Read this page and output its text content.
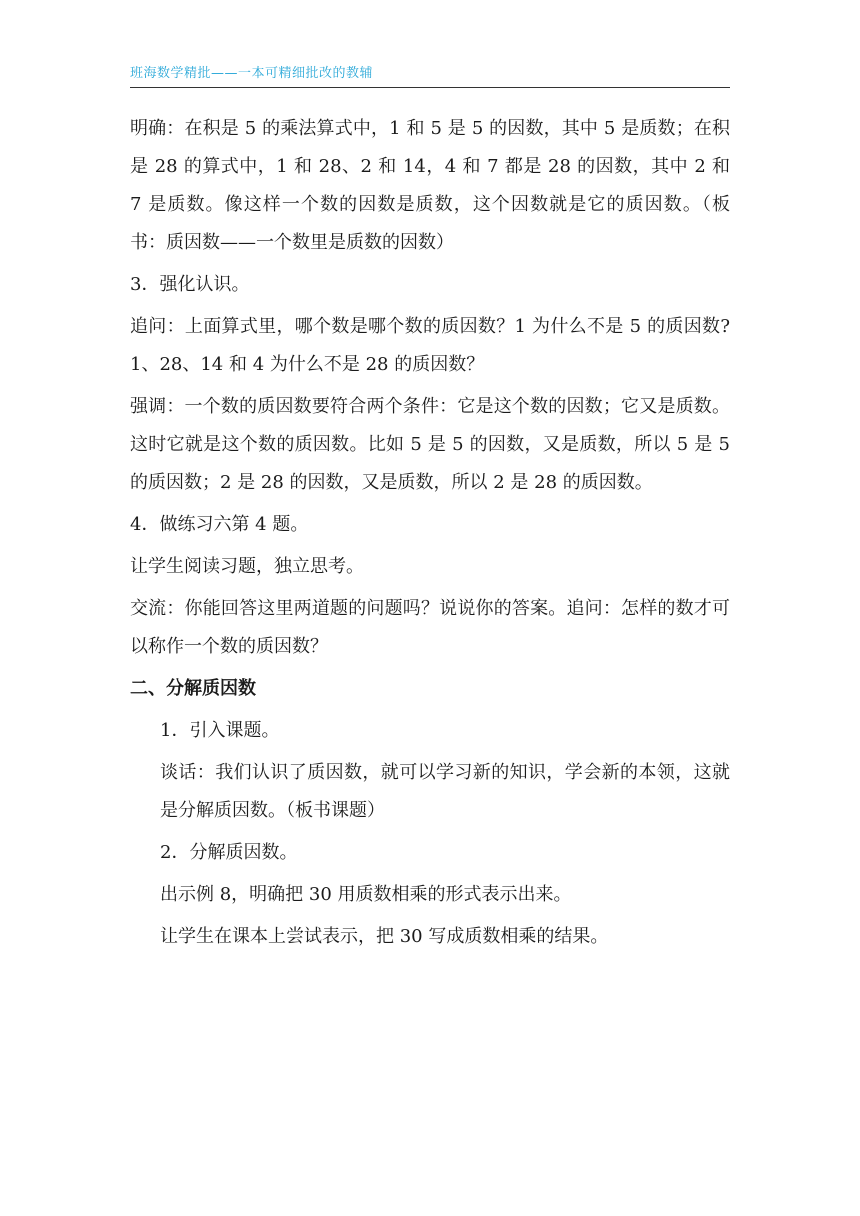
班海数学精批——一本可精细批改的教辅

明确：在积是 5 的乘法算式中，1 和 5 是 5 的因数，其中 5 是质数；在积是 28 的算式中，1 和 28、2 和 14，4 和 7 都是 28 的因数，其中 2 和 7 是质数。像这样一个数的因数是质数，这个因数就是它的质因数。（板书：质因数——一个数里是质数的因数）

3．强化认识。

追问：上面算式里，哪个数是哪个数的质因数？1 为什么不是 5 的质因数?1、28、14 和 4 为什么不是 28 的质因数？

强调：一个数的质因数要符合两个条件：它是这个数的因数；它又是质数。这时它就是这个数的质因数。比如 5 是 5 的因数，又是质数，所以 5 是 5 的质因数；2 是 28 的因数，又是质数，所以 2 是 28 的质因数。

4．做练习六第 4 题。

让学生阅读习题，独立思考。

交流：你能回答这里两道题的问题吗？说说你的答案。追问：怎样的数才可以称作一个数的质因数？

二、分解质因数

1．引入课题。

谈话：我们认识了质因数，就可以学习新的知识，学会新的本领，这就是分解质因数。（板书课题）

2．分解质因数。

出示例 8，明确把 30 用质数相乘的形式表示出来。

让学生在课本上尝试表示，把 30 写成质数相乘的结果。
